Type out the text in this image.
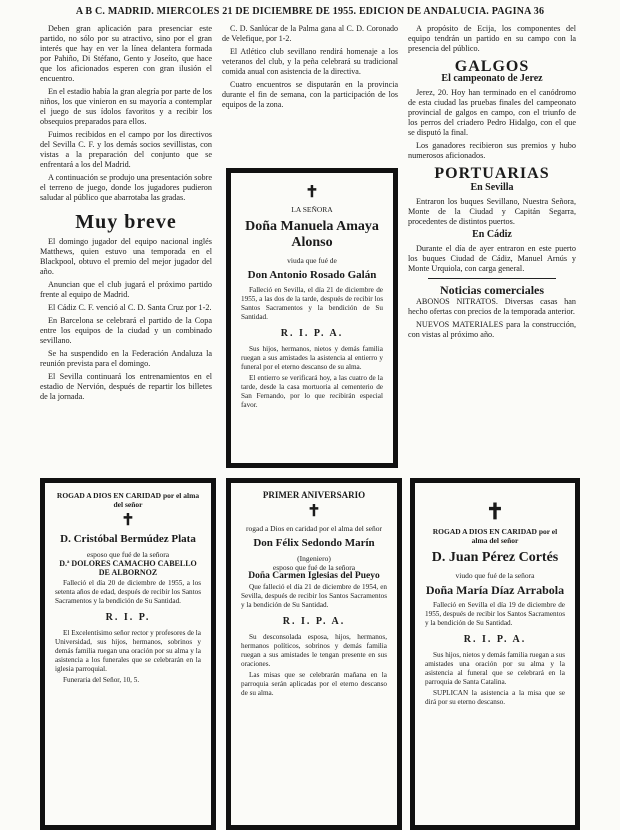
A B C. MADRID. MIERCOLES 21 DE DICIEMBRE DE 1955. EDICION DE ANDALUCIA. PAGINA 36

Deben gran aplicación para presenciar este partido, no sólo por su atractivo, sino por el gran interés que hay en ver la línea delantera formada por Pahiño, Di Stéfano, Gento y Joseíto, que hace que los aficionados esperen con gran ilusión el encuentro.

En el estadio había la gran alegría por parte de los niños, los que vinieron en su mayoría a contemplar el juego de sus ídolos favoritos y a recibir los obsequios preparados para ellos.

Fuimos recibidos en el campo por los directivos del Sevilla C. F. y los demás socios sevillistas, con vistas a la preparación del conjunto que se enfrentará a los del Madrid.

A continuación se produjo una presentación sobre el terreno de juego, donde los jugadores pudieron saludar al público que abarrotaba las gradas.

Muy breve

El domingo jugador del equipo nacional inglés Matthews, quien estuvo una temporada en el Blackpool, obtuvo el premio del mejor jugador del año.

Anuncian que el club jugará el próximo partido frente al equipo de Madrid.

El Cádiz C. F. venció al C. D. Santa Cruz por 1-2.

En Barcelona se celebrará el partido de la Copa entre los equipos de la ciudad y un combinado sevillano.

Se ha suspendido en la Federación Andaluza la reunión prevista para el domingo.

El Sevilla continuará los entrenamientos en el estadio de Nervión, después de repartir los billetes de la jornada.

C. D. Sanlúcar de la Palma gana al C. D. Coronado de Velefique, por 1-2.

El Atlético club sevillano rendirá homenaje a los veteranos del club, y la peña celebrará su tradicional comida anual con asistencia de la directiva.

Cuatro encuentros se disputarán en la provincia durante el fin de semana, con la participación de los equipos de la zona.

✝
LA SEÑORA
Doña Manuela Amaya Alonso
viuda que fué de
Don Antonio Rosado Galán
Falleció en Sevilla, el día 21 de diciembre de 1955, a las dos de la tarde, después de recibir los Santos Sacramentos y la bendición de Su Santidad.
R. I. P. A.
Sus hijos, hermanos, nietos y demás familia ruegan a sus amistades la asistencia al entierro y funeral por el eterno descanso de su alma.
El entierro se verificará hoy, a las cuatro de la tarde, desde la casa mortuoria al cementerio de San Fernando, por lo que recibirán especial favor.

A propósito de Ecija, los componentes del equipo tendrán un partido en su campo con la presencia del público.

GALGOS
El campeonato de Jerez

Jerez, 20. Hoy han terminado en el canódromo de esta ciudad las pruebas finales del campeonato provincial de galgos en campo, con el triunfo de los perros del criadero Pedro Hidalgo, con el que se disputó la final.

Los ganadores recibieron sus premios y hubo numerosos aficionados.

PORTUARIAS
En Sevilla

Entraron los buques Sevillano, Nuestra Señora, Monte de la Ciudad y Capitán Segarra, procedentes de distintos puertos.

En Cádiz

Durante el día de ayer entraron en este puerto los buques Ciudad de Cádiz, Manuel Arnús y Monte Urquiola, con carga general.

Noticias comerciales

ABONOS NITRATOS. Diversas casas han hecho ofertas con precios de la temporada anterior.

NUEVOS MATERIALES para la construcción, con vistas al próximo año.

ROGAD A DIOS EN CARIDAD por el alma del señor
✝
D. Cristóbal Bermúdez Plata
esposo que fué de la señora
D.ª DOLORES CAMACHO CABELLO DE ALBORNOZ
Falleció el día 20 de diciembre de 1955, a los setenta años de edad, después de recibir los Santos Sacramentos y la bendición de Su Santidad.
R. I. P.
El Excelentísimo señor rector y profesores de la Universidad, sus hijos, hermanos, sobrinos y demás familia ruegan una oración por su alma y la asistencia a los funerales que se celebrarán en la iglesia parroquial.
Funeraria del Señor, 10, 5.
PRIMER ANIVERSARIO
✝
rogad a Dios en caridad por el alma del señor
Don Félix Sedondo Marín
(Ingeniero)
esposo que fué de la señora
Doña Carmen Iglesias del Pueyo
Que falleció el día 21 de diciembre de 1954, en Sevilla, después de recibir los Santos Sacramentos y la bendición de Su Santidad.
R. I. P. A.
Su desconsolada esposa, hijos, hermanos, hermanos políticos, sobrinos y demás familia ruegan a sus amistades le tengan presente en sus oraciones.
Las misas que se celebrarán mañana en la parroquia serán aplicadas por el eterno descanso de su alma.
✝
ROGAD A DIOS EN CARIDAD por el alma del señor
D. Juan Pérez Cortés
viudo que fué de la señora
Doña María Díaz Arrabola
Falleció en Sevilla el día 19 de diciembre de 1955, después de recibir los Santos Sacramentos y la bendición de Su Santidad.
R. I. P. A.
Sus hijos, nietos y demás familia ruegan a sus amistades una oración por su alma y la asistencia al funeral que se celebrará en la parroquia de Santa Catalina.
SUPLICAN la asistencia a la misa que se dirá por su eterno descanso.
